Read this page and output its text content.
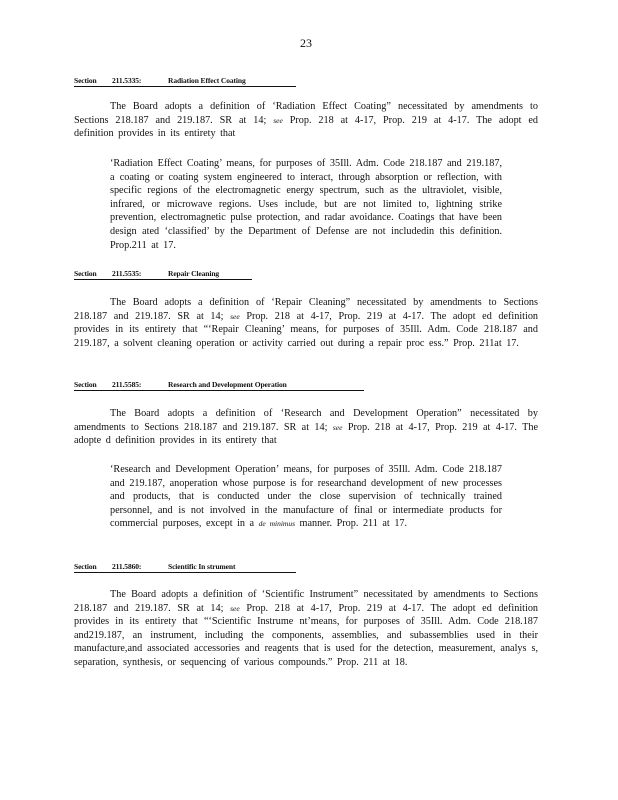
23
Section 211.5335:	Radiation Effect Coating
The Board adopts a definition of ‘Radiation Effect Coating” necessitated by amendments to Sections 218.187 and 219.187. SR at 14; see Prop. 218 at 4-17, Prop. 219 at 4-17. The adopt ed definition provides in its entirety that
‘Radiation Effect Coating’ means, for purposes of 35Ill. Adm. Code 218.187 and 219.187, a coating or coating system engineered to interact, through absorption or reflection, with specific regions of the electromagnetic energy spectrum, such as the ultraviolet, visible, infrared, or microwave regions. Uses include, but are not limited to, lightning strike prevention, electromagnetic pulse protection, and radar avoidance. Coatings that have been design ated ‘classified’ by the Department of Defense are not includedin this definition. Prop.211 at 17.
Section 211.5535:	Repair Cleaning
The Board adopts a definition of ‘Repair Cleaning” necessitated by amendments to Sections 218.187 and 219.187. SR at 14; see Prop. 218 at 4-17, Prop. 219 at 4-17. The adopt ed definition provides in its entirety that “‘Repair Cleaning’ means, for purposes of 35Ill. Adm. Code 218.187 and 219.187, a solvent cleaning operation or activity carried out during a repair proc ess.” Prop. 211at 17.
Section 211.5585:	Research and Development Operation
The Board adopts a definition of ‘Research and Development Operation” necessitated by amendments to Sections 218.187 and 219.187. SR at 14; see Prop. 218 at 4-17, Prop. 219 at 4-17. The adopte d definition provides in its entirety that
‘Research and Development Operation’ means, for purposes of 35Ill. Adm. Code 218.187 and 219.187, anoperation whose purpose is for researchand development of new processes and products, that is conducted under the close supervision of technically trained personnel, and is not involved in the manufacture of final or intermediate products for commercial purposes, except in a de minimus manner. Prop. 211 at 17.
Section 211.5860:	Scientific In strument
The Board adopts a definition of ‘Scientific Instrument” necessitated by amendments to Sections 218.187 and 219.187. SR at 14; see Prop. 218 at 4-17, Prop. 219 at 4-17. The adopt ed definition provides in its entirety that “‘Scientific Instrume nt’means, for purposes of 35Ill. Adm. Code 218.187 and219.187, an instrument, including the components, assemblies, and subassemblies used in their manufacture,and associated accessories and reagents that is used for the detection, measurement, analys s, separation, synthesis, or sequencing of various compounds.” Prop. 211 at 18.
